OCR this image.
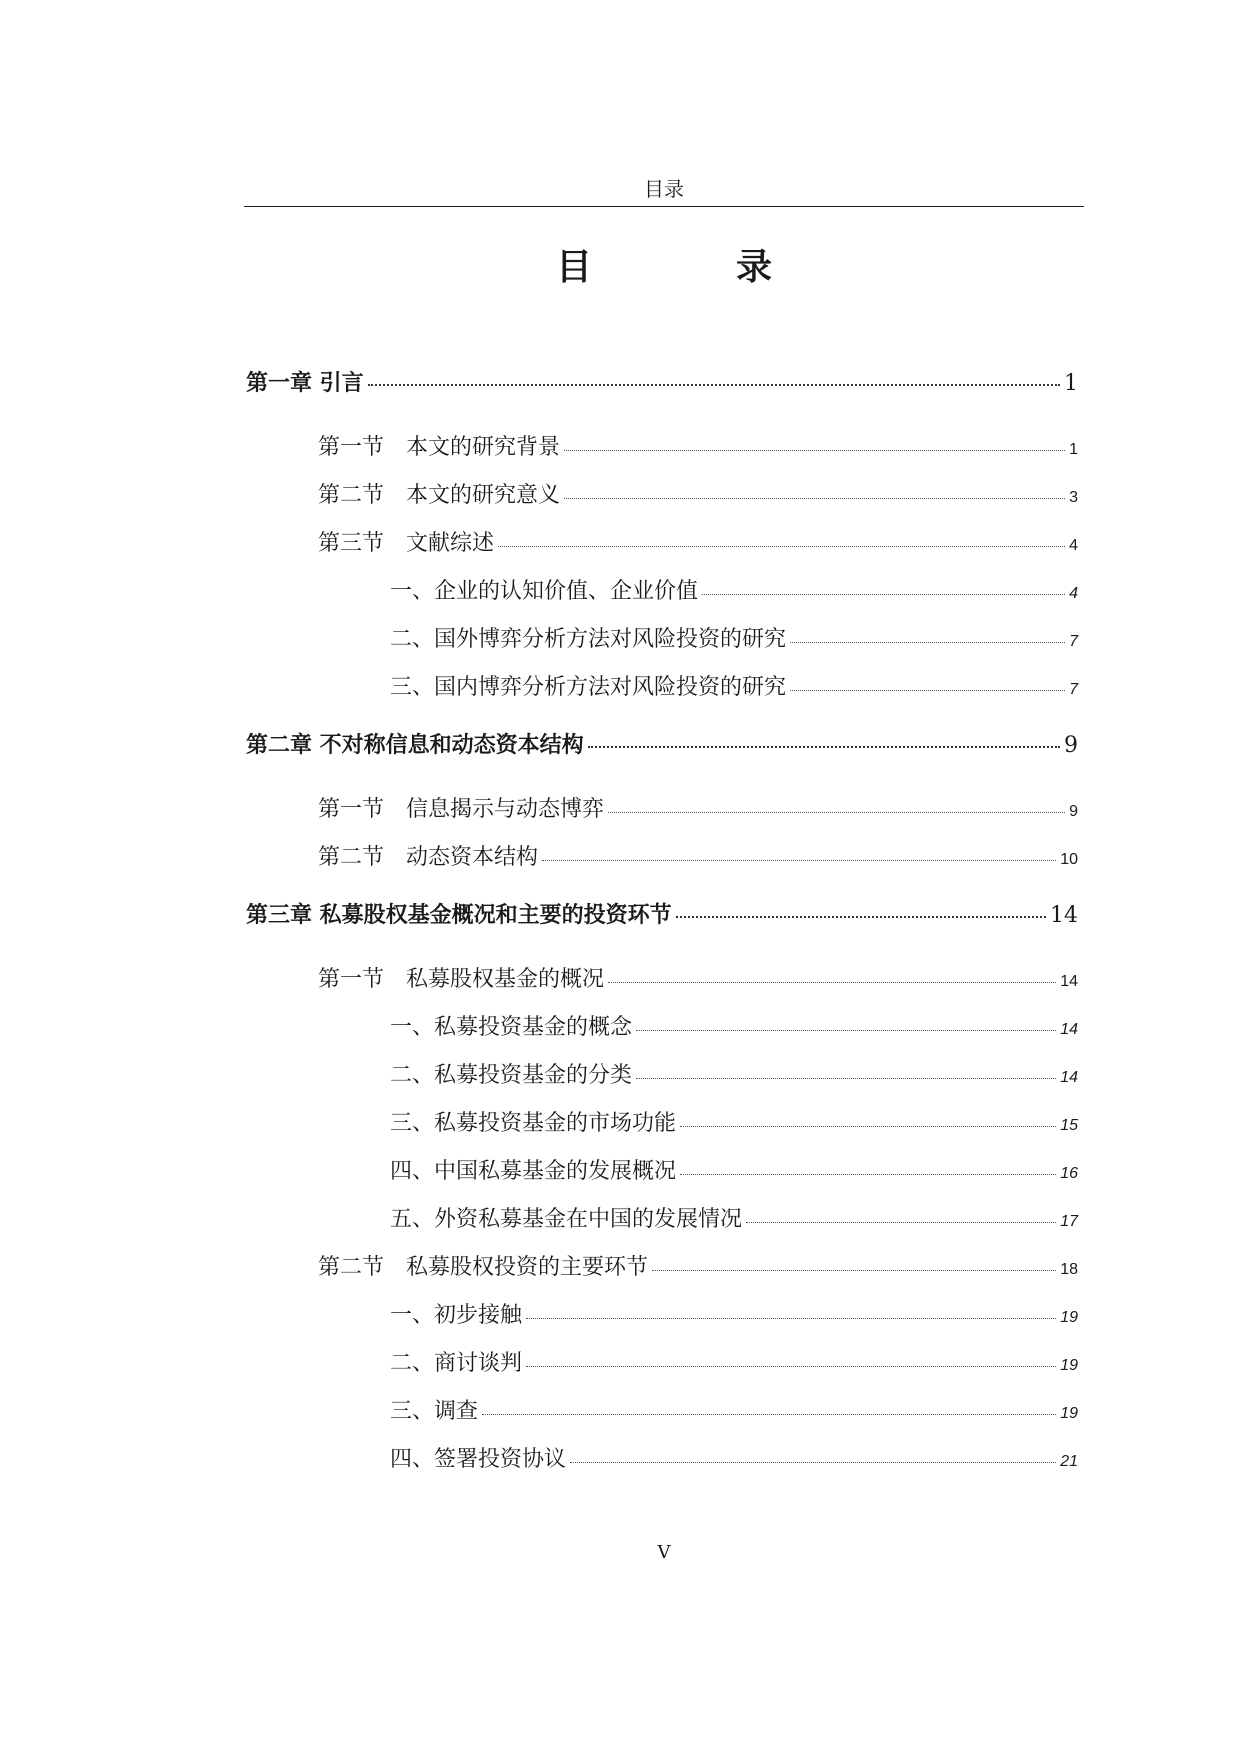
目录
目　录
第一章 引言	1
第一节　本文的研究背景	1
第二节　本文的研究意义	3
第三节　文献综述	4
一、企业的认知价值、企业价值	4
二、国外博弈分析方法对风险投资的研究	7
三、国内博弈分析方法对风险投资的研究	7
第二章 不对称信息和动态资本结构	9
第一节　信息揭示与动态博弈	9
第二节　动态资本结构	10
第三章 私募股权基金概况和主要的投资环节	14
第一节　私募股权基金的概况	14
一、私募投资基金的概念	14
二、私募投资基金的分类	14
三、私募投资基金的市场功能	15
四、中国私募基金的发展概况	16
五、外资私募基金在中国的发展情况	17
第二节　私募股权投资的主要环节	18
一、初步接触	19
二、商讨谈判	19
三、调查	19
四、签署投资协议	21
V
